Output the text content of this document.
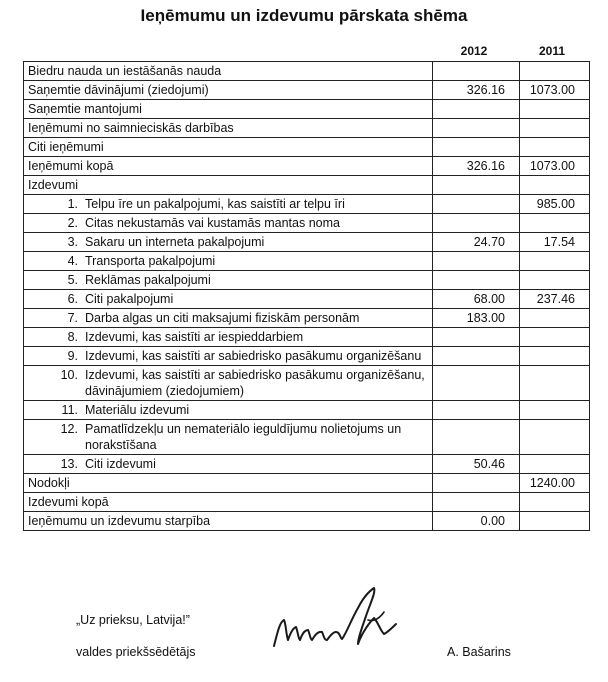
Ieņēmumu un izdevumu pārskata shēma
2012	2011
Biedru nauda un iestāšanās nauda		
Saņemtie dāvinājumi (ziedojumi)	326.16	1073.00
Saņemtie mantojumi		
Ieņēmumi no saimnieciskās darbības		
Citi ieņēmumi		
Ieņēmumi kopā	326.16	1073.00
Izdevumi		

1. Telpu īre un pakalpojumi, kas saistīti ar telpu īri		985.00

2. Citas nekustamās vai kustamās mantas noma		

3. Sakaru un interneta pakalpojumi	24.70	17.54

4. Transporta pakalpojumi		

5. Reklāmas pakalpojumi		

6. Citi pakalpojumi	68.00	237.46

7. Darba algas un citi maksajumi fiziskām personām	183.00	

8. Izdevumi, kas saistīti ar iespieddarbiem		

9. Izdevumi, kas saistīti ar sabiedrisko pasākumu organizēšanu		

10. Izdevumi, kas saistīti ar sabiedrisko pasākumu organizēšanu, dāvinājumiem (ziedojumiem)		

11. Materiālu izdevumi		

12. Pamatlīdzekļu un nemateriālo ieguldījumu nolietojums un norakstīšana		

13. Citi izdevumi	50.46	
Nodokļi		1240.00
Izdevumi kopā		
Ieņēmumu un izdevumu starpība	0.00	
„Uz prieksu, Latvija!”
valdes priekšsēdētājs	A. Bašarins
